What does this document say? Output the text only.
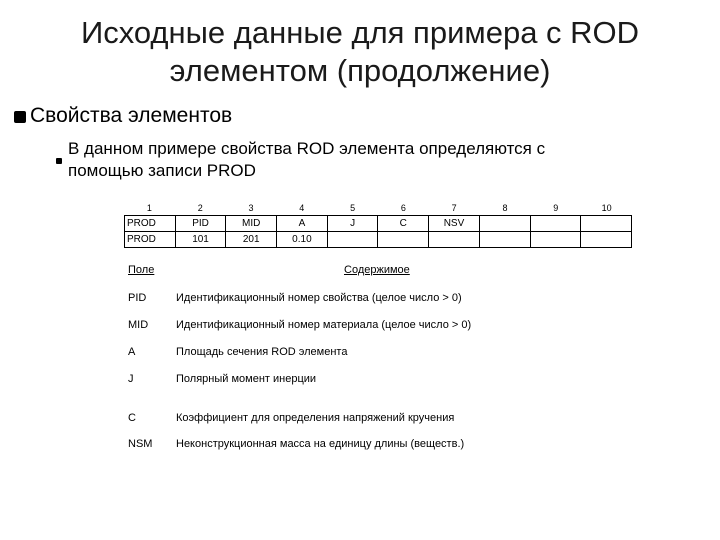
Исходные данные для примера с ROD
элементом (продолжение)
Свойства элементов
В данном примере свойства ROD элемента определяются с
помощью записи PROD
1	2	3	4	5	6	7	8	9	10
PROD	PID	MID	A	J	C	NSV			
PROD	101	201	0.10						
Поле	Содержимое
PID	Идентификационный номер свойства (целое число > 0)
MID	Идентификационный номер материала (целое число > 0)
A	Площадь сечения ROD элемента
J	Полярный момент инерции
C	Коэффициент для определения напряжений кручения
NSM Неконструкционная масса на единицу длины (веществ.)
